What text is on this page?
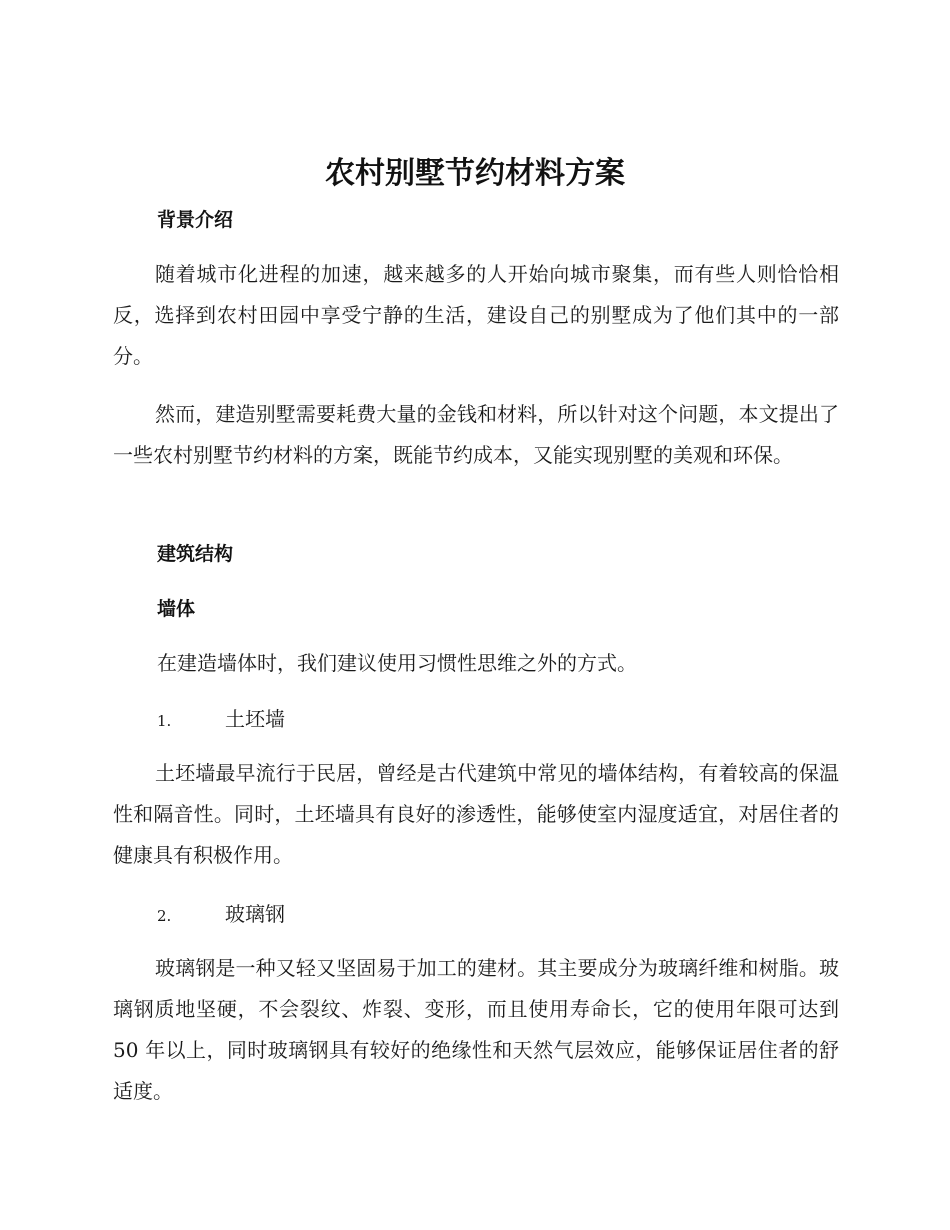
农村别墅节约材料方案
背景介绍

随着城市化进程的加速，越来越多的人开始向城市聚集，而有些人则恰恰相反，选择到农村田园中享受宁静的生活，建设自己的别墅成为了他们其中的一部分。

然而，建造别墅需要耗费大量的金钱和材料，所以针对这个问题，本文提出了一些农村别墅节约材料的方案，既能节约成本，又能实现别墅的美观和环保。

建筑结构
墙体

在建造墙体时，我们建议使用习惯性思维之外的方式。

1.	土坯墙

土坯墙最早流行于民居，曾经是古代建筑中常见的墙体结构，有着较高的保温性和隔音性。同时，土坯墙具有良好的渗透性，能够使室内湿度适宜，对居住者的健康具有积极作用。

2.	玻璃钢

玻璃钢是一种又轻又坚固易于加工的建材。其主要成分为玻璃纤维和树脂。玻璃钢质地坚硬，不会裂纹、炸裂、变形，而且使用寿命长，它的使用年限可达到 50 年以上，同时玻璃钢具有较好的绝缘性和天然气层效应，能够保证居住者的舒适度。
